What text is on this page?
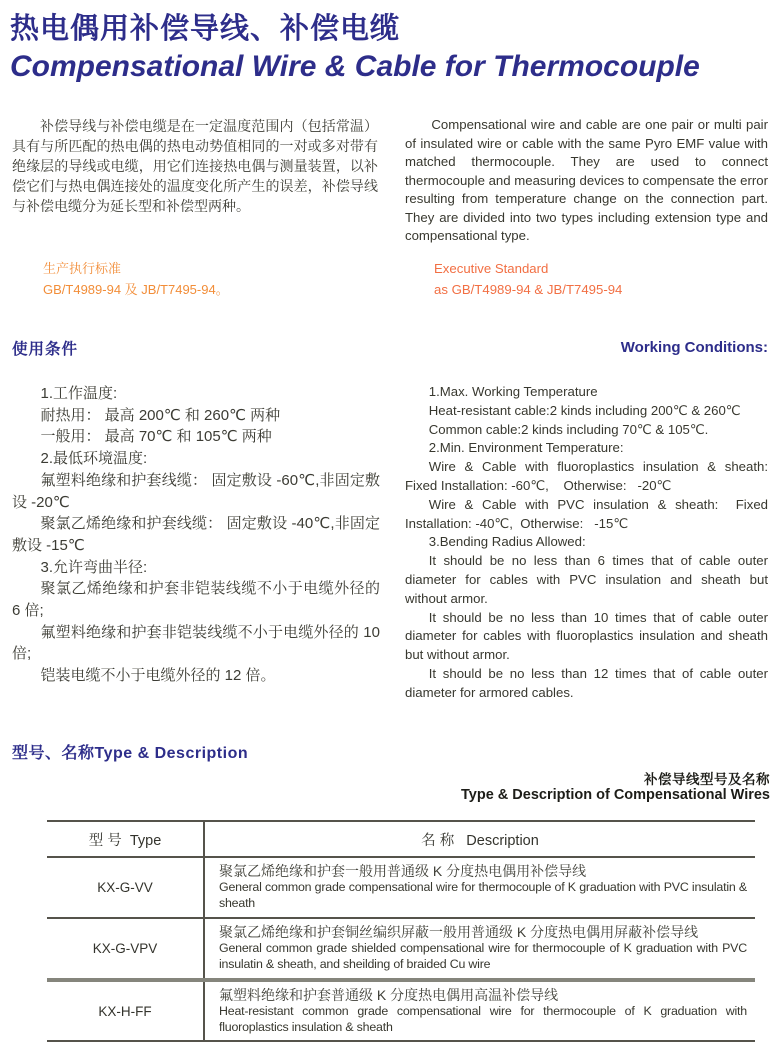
热电偶用补偿导线、补偿电缆
Compensational Wire & Cable for Thermocouple
补偿导线与补偿电缆是在一定温度范围内（包括常温）具有与所匹配的热电偶的热电动势值相同的一对或多对带有绝缘层的导线或电缆，用它们连接热电偶与测量装置，以补偿它们与热电偶连接处的温度变化所产生的误差，补偿导线与补偿电缆分为延长型和补偿型两种。
Compensational wire and cable are one pair or multi pair of insulated wire or cable with the same Pyro EMF value with matched thermocouple. They are used to connect thermocouple and measuring devices to compensate the error resulting from temperature change on the connection part. They are divided into two types including extension type and compensational type.
生产执行标准
GB/T4989-94 及 JB/T7495-94。
Executive Standard
as GB/T4989-94 & JB/T7495-94
使用条件	Working Conditions:

1.工作温度:

耐热用： 最高 200℃ 和 260℃ 两种

一般用： 最高 70℃ 和 105℃ 两种

2.最低环境温度:

氟塑料绝缘和护套线缆： 固定敷设 -60℃,非固定敷设 -20℃

聚氯乙烯绝缘和护套线缆： 固定敷设 -40℃,非固定敷设 -15℃

3.允许弯曲半径:

聚氯乙烯绝缘和护套非铠装线缆不小于电缆外径的 6 倍;

氟塑料绝缘和护套非铠装线缆不小于电缆外径的 10 倍;

铠装电缆不小于电缆外径的 12 倍。

1.Max. Working Temperature

Heat-resistant cable:2 kinds including 200℃ & 260℃

Common cable:2 kinds including 70℃ & 105℃.

2.Min. Environment Temperature:

Wire & Cable with fluoroplastics insulation & sheath: Fixed Installation: -60℃,    Otherwise:   -20℃

Wire & Cable with PVC insulation & sheath:  Fixed Installation: -40℃,  Otherwise:   -15℃

3.Bending Radius Allowed:

It should be no less than 6 times that of cable outer diameter for cables with PVC insulation and sheath but without armor.

It should be no less than 10 times that of cable outer diameter for cables with fluoroplastics insulation and sheath but without armor.

It should be no less than 12 times that of cable outer diameter for armored cables.

型号、名称Type & Description
补偿导线型号及名称
Type & Description of Compensational Wires
型 号  Type	名 称   Description
KX-G-VV

聚氯乙烯绝缘和护套一般用普通级 K 分度热电偶用补偿导线

General common grade compensational wire for thermocouple of K graduation with PVC insulatin & sheath

KX-G-VPV

聚氯乙烯绝缘和护套铜丝编织屏蔽一般用普通级 K 分度热电偶用屏蔽补偿导线

General common grade shielded compensational wire for thermocouple of K graduation with PVC insulatin & sheath, and sheilding of braided Cu wire

KX-H-FF

氟塑料绝缘和护套普通级 K 分度热电偶用高温补偿导线

Heat-resistant common grade compensational wire for thermocouple of K graduation with fluoroplastics insulation & sheath
